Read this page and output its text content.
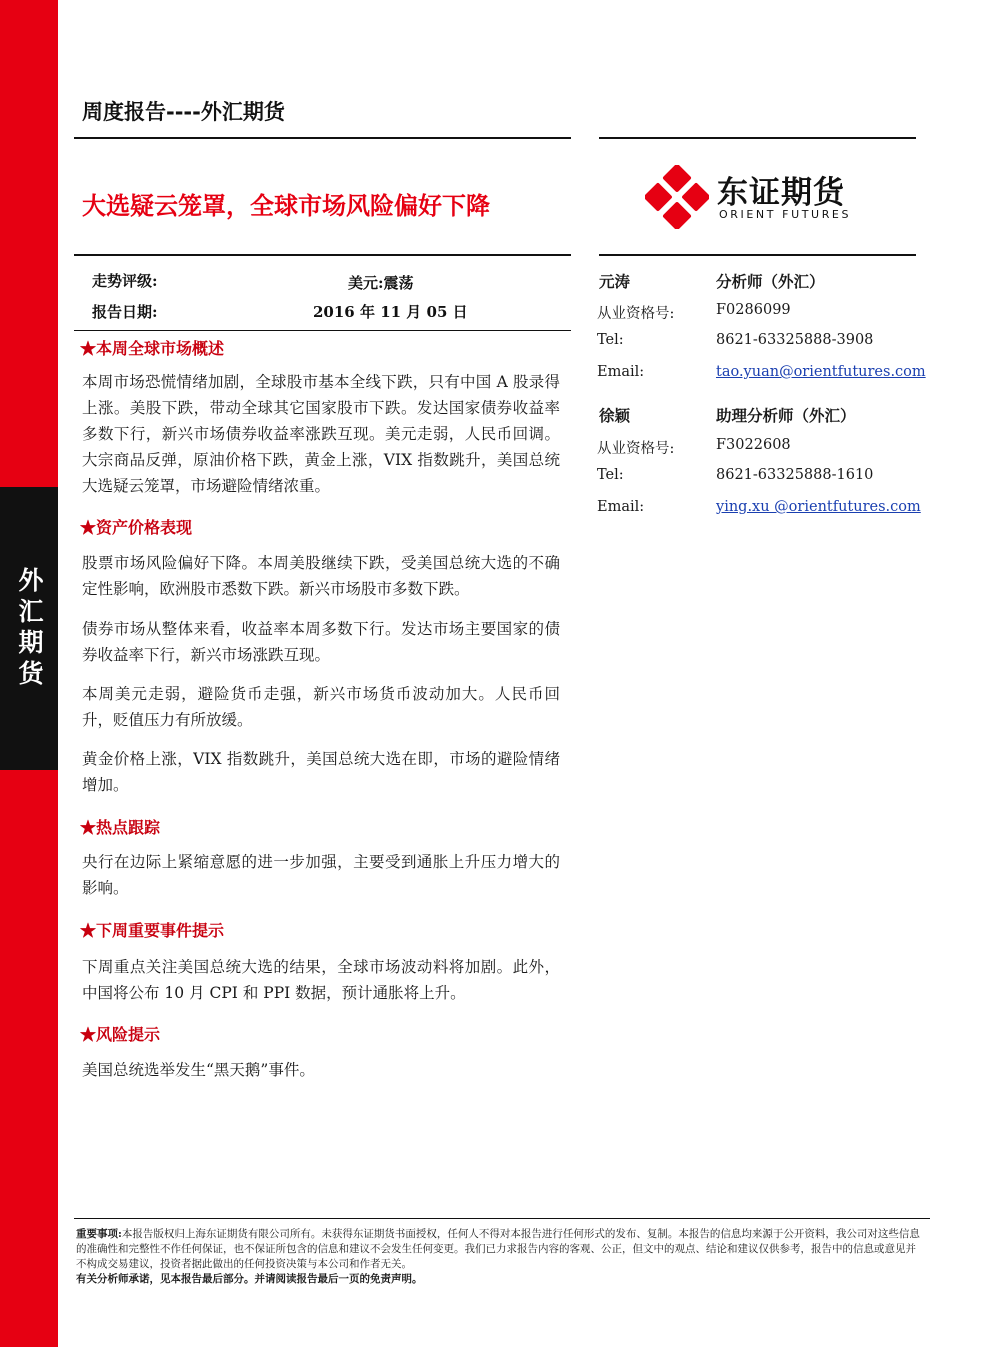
外汇期货
周度报告----外汇期货
大选疑云笼罩，全球市场风险偏好下降	东证期货
ORIENT FUTURES
走势评级:	美元:震荡
报告日期:	2016 年 11 月 05 日
★本周全球市场概述

本周市场恐慌情绪加剧，全球股市基本全线下跌，只有中国 A 股录得上涨。美股下跌，带动全球其它国家股市下跌。发达国家债券收益率多数下行，新兴市场债券收益率涨跌互现。美元走弱，人民币回调。大宗商品反弹，原油价格下跌，黄金上涨，VIX 指数跳升，美国总统大选疑云笼罩，市场避险情绪浓重。

★资产价格表现

股票市场风险偏好下降。本周美股继续下跌，受美国总统大选的不确定性影响，欧洲股市悉数下跌。新兴市场股市多数下跌。

债券市场从整体来看，收益率本周多数下行。发达市场主要国家的债券收益率下行，新兴市场涨跌互现。

本周美元走弱，避险货币走强，新兴市场货币波动加大。人民币回升，贬值压力有所放缓。

黄金价格上涨，VIX 指数跳升，美国总统大选在即，市场的避险情绪增加。

★热点跟踪

央行在边际上紧缩意愿的进一步加强，主要受到通胀上升压力增大的影响。

★下周重要事件提示

下周重点关注美国总统大选的结果，全球市场波动料将加剧。此外，中国将公布 10 月 CPI 和 PPI 数据，预计通胀将上升。

★风险提示

美国总统选举发生“黑天鹅”事件。

元涛	分析师（外汇）
从业资格号:	F0286099
Tel:	8621-63325888-3908
Email:	tao.yuan@orientfutures.com
徐颖	助理分析师（外汇）
从业资格号:	F3022608
Tel:	8621-63325888-1610
Email:	ying.xu @orientfutures.com

重要事项:本报告版权归上海东证期货有限公司所有。未获得东证期货书面授权，任何人不得对本报告进行任何形式的发布、复制。本报告的信息均来源于公开资料，我公司对这些信息的准确性和完整性不作任何保证，也不保证所包含的信息和建议不会发生任何变更。我们已力求报告内容的客观、公正，但文中的观点、结论和建议仅供参考，报告中的信息或意见并不构成交易建议，投资者据此做出的任何投资决策与本公司和作者无关。
有关分析师承诺，见本报告最后部分。并请阅读报告最后一页的免责声明。
